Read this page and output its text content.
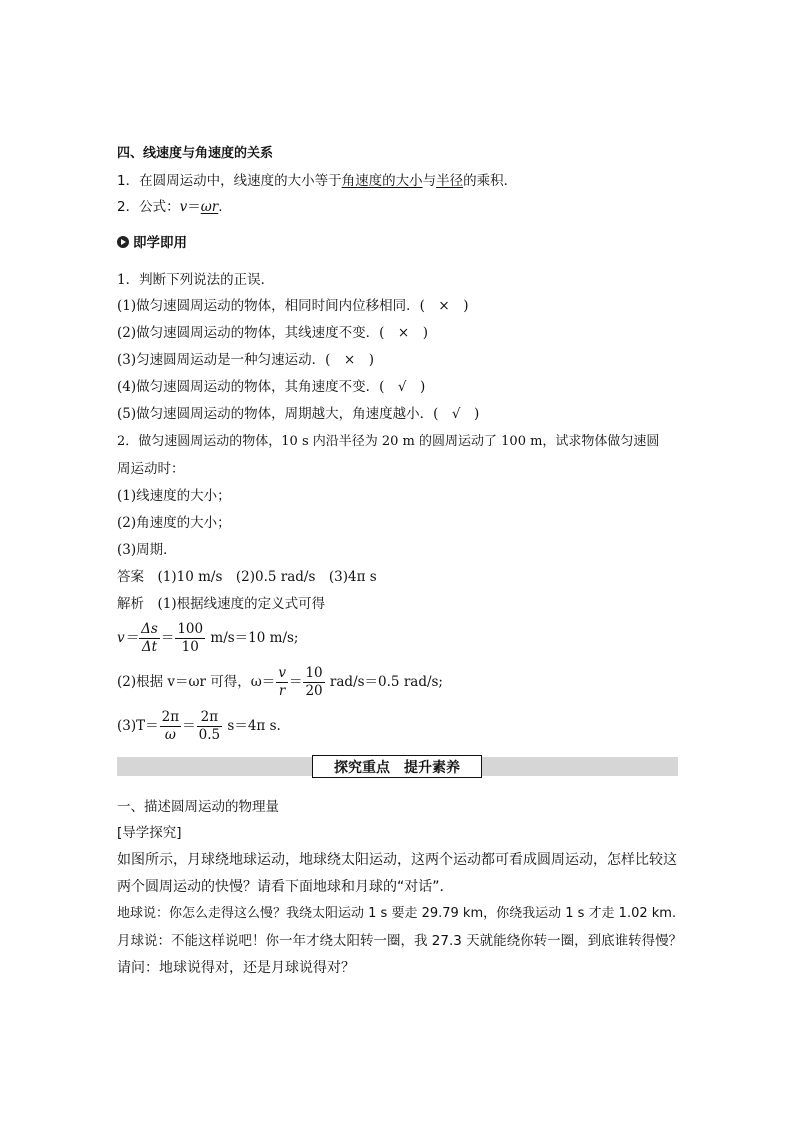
四、线速度与角速度的关系
1．在圆周运动中，线速度的大小等于角速度的大小与半径的乘积．
2．公式：v＝ωr.
即学即用
1．判断下列说法的正误．
(1)做匀速圆周运动的物体，相同时间内位移相同．(　×　)
(2)做匀速圆周运动的物体，其线速度不变．(　×　)
(3)匀速圆周运动是一种匀速运动．(　×　)
(4)做匀速圆周运动的物体，其角速度不变．(　√　)
(5)做匀速圆周运动的物体，周期越大，角速度越小．(　√　)
2．做匀速圆周运动的物体，10 s 内沿半径为 20 m 的圆周运动了 100 m，试求物体做匀速圆
周运动时：
(1)线速度的大小；
(2)角速度的大小；
(3)周期．
答案　(1)10 m/s　(2)0.5 rad/s　(3)4π s
解析　(1)根据线速度的定义式可得
$v= \frac{\Delta s}{\Delta t} = \frac{100}{10} m/s=10$ m/s;
(2)根据 v＝ωr 可得，$\omega= \frac{v}{r} = \frac{10}{20} rad/s=0.5$ rad/s;
$(3)T= \frac{2\pi}{\omega} = \frac{2\pi}{0.5} s=4\pi$ s.
探究重点 提升素养
一、描述圆周运动的物理量
[导学探究]
如图所示，月球绕地球运动，地球绕太阳运动，这两个运动都可看成圆周运动，怎样比较这
两个圆周运动的快慢？请看下面地球和月球的“对话”．
地球说：你怎么走得这么慢？我绕太阳运动 1 s 要走 29.79 km，你绕我运动 1 s 才走 1.02 km.
月球说：不能这样说吧！你一年才绕太阳转一圈，我 27.3 天就能绕你转一圈，到底谁转得慢？
请问：地球说得对，还是月球说得对？
